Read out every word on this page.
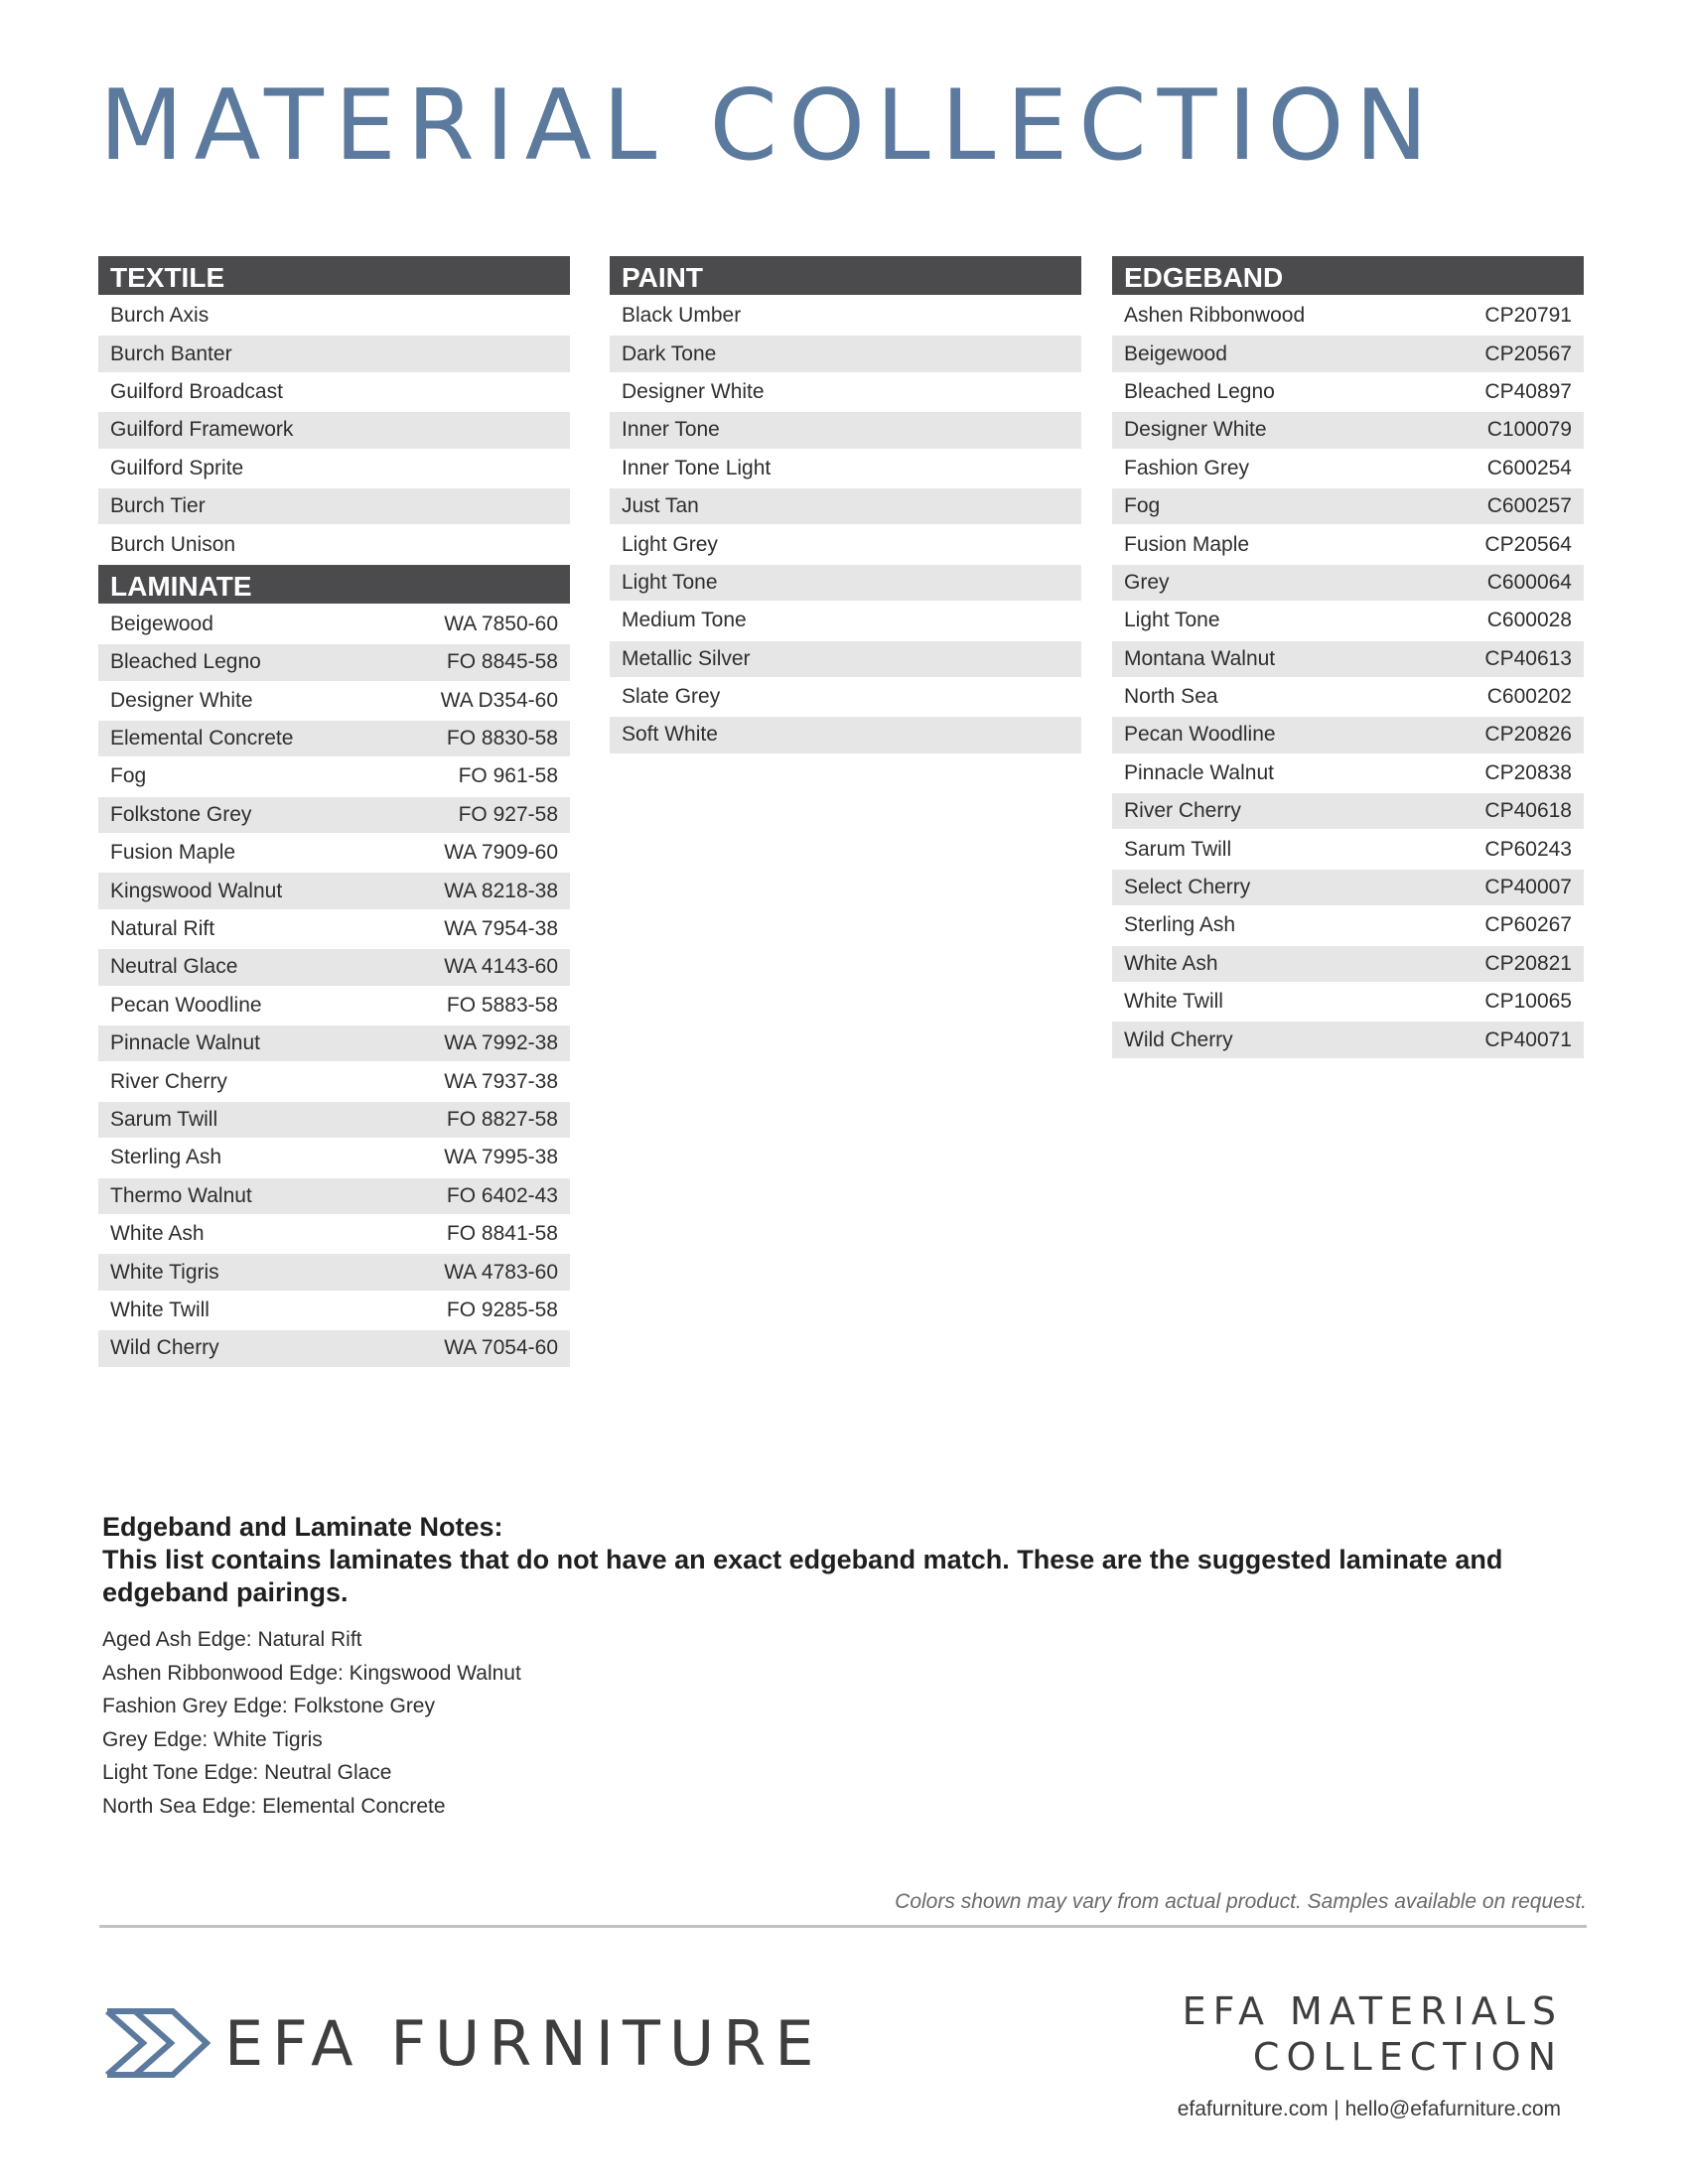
MATERIAL COLLECTION
TEXTILE
Burch Axis
Burch Banter
Guilford Broadcast
Guilford Framework
Guilford Sprite
Burch Tier
Burch Unison
LAMINATE
Beigewood	WA 7850-60
Bleached Legno	FO 8845-58
Designer White	WA D354-60
Elemental Concrete	FO 8830-58
Fog	FO 961-58
Folkstone Grey	FO 927-58
Fusion Maple	WA 7909-60
Kingswood Walnut	WA 8218-38
Natural Rift	WA 7954-38
Neutral Glace	WA 4143-60
Pecan Woodline	FO 5883-58
Pinnacle Walnut	WA 7992-38
River Cherry	WA 7937-38
Sarum Twill	FO 8827-58
Sterling Ash	WA 7995-38
Thermo Walnut	FO 6402-43
White Ash	FO 8841-58
White Tigris	WA 4783-60
White Twill	FO 9285-58
Wild Cherry	WA 7054-60
PAINT
Black Umber
Dark Tone
Designer White
Inner Tone
Inner Tone Light
Just Tan
Light Grey
Light Tone
Medium Tone
Metallic Silver
Slate Grey
Soft White
EDGEBAND
Ashen Ribbonwood	CP20791
Beigewood	CP20567
Bleached Legno	CP40897
Designer White	C100079
Fashion Grey	C600254
Fog	C600257
Fusion Maple	CP20564
Grey	C600064
Light Tone	C600028
Montana Walnut	CP40613
North Sea	C600202
Pecan Woodline	CP20826
Pinnacle Walnut	CP20838
River Cherry	CP40618
Sarum Twill	CP60243
Select Cherry	CP40007
Sterling Ash	CP60267
White Ash	CP20821
White Twill	CP10065
Wild Cherry	CP40071

Edgeband and Laminate Notes:

This list contains laminates that do not have an exact edgeband match. These are the suggested laminate and edgeband pairings.

Aged Ash Edge: Natural Rift
Ashen Ribbonwood Edge: Kingswood Walnut
Fashion Grey Edge: Folkstone Grey
Grey Edge: White Tigris
Light Tone Edge: Neutral Glace
North Sea Edge: Elemental Concrete
Colors shown may vary from actual product. Samples available on request.
EFA FURNITURE	EFA MATERIALS
COLLECTION
efafurniture.com | hello@efafurniture.com
